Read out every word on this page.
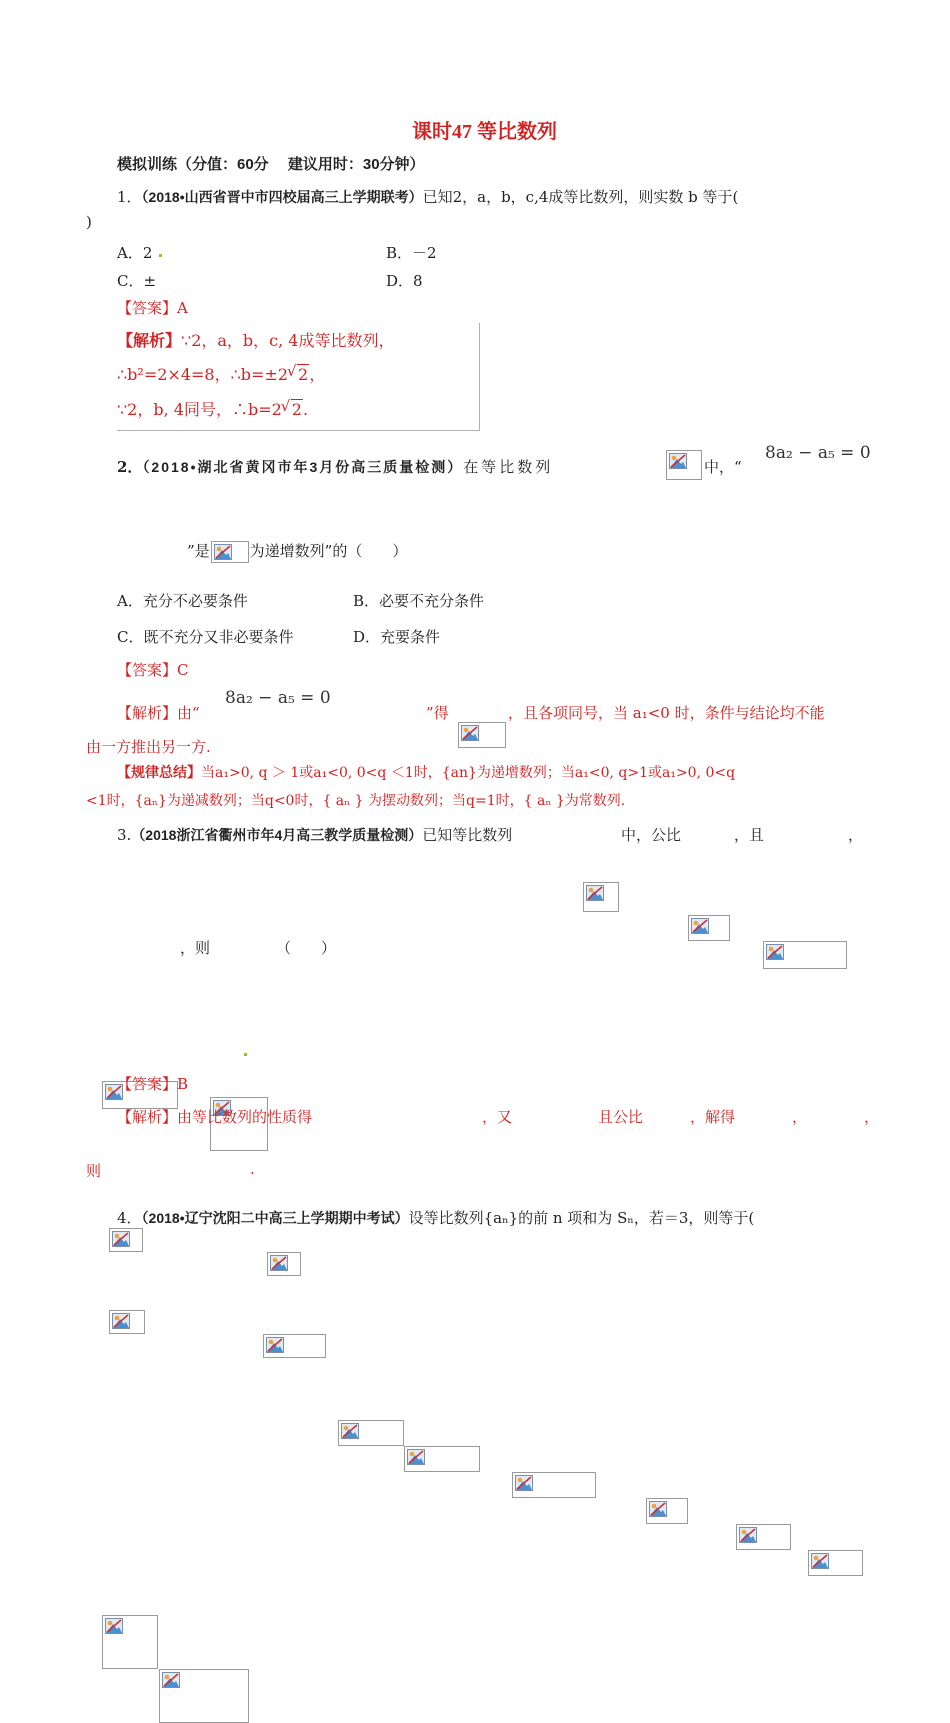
课时47 等比数列
模拟训练（分值：60分　 建议用时：30分钟）
1．（2018•山西省晋中市四校届高三上学期联考）已知2，a，b，c,4成等比数列，则实数 b 等于(
)
A．2	B．－2
C．±	D．8
【答案】A
【解析】∵2，a，b，c, 4成等比数列，
∴b²=2×4=8，∴b=±2 √ 2，
∵2，b, 4同号，∴b=2 √ 2.
2．（2018•湖北省黄冈市年3月份高三质量检测）在等比数列	中，“
8a₂ − a₅ = 0
”是	为递增数列”的（　　）
A．充分不必要条件	B．必要不充分条件
C．既不充分又非必要条件	D．充要条件
【答案】C
【解析】由“
8a₂ − a₅ = 0
”得	，且各项同号，当 a₁<0 时，条件与结论均不能
由一方推出另一方.
【规律总结】当a₁>0, q ＞ 1或a₁<0, 0<q ＜1时，{an}为递增数列；当a₁<0, q>1或a₁>0, 0<q
<1时，{aₙ}为递减数列；当q<0时，{ aₙ } 为摆动数列；当q=1时，{ aₙ }为常数列.
3.（2018浙江省衢州市年4月高三教学质量检测）已知等比数列	中，公比	，且	，
，则	（　　）
【答案】B
【解析】由等比数列的性质得	，又	且公比	，解得	，	，
则	.
4．（2018•辽宁沈阳二中高三上学期期中考试）设等比数列{aₙ}的前 n 项和为 Sₙ，若＝3，则等于(
